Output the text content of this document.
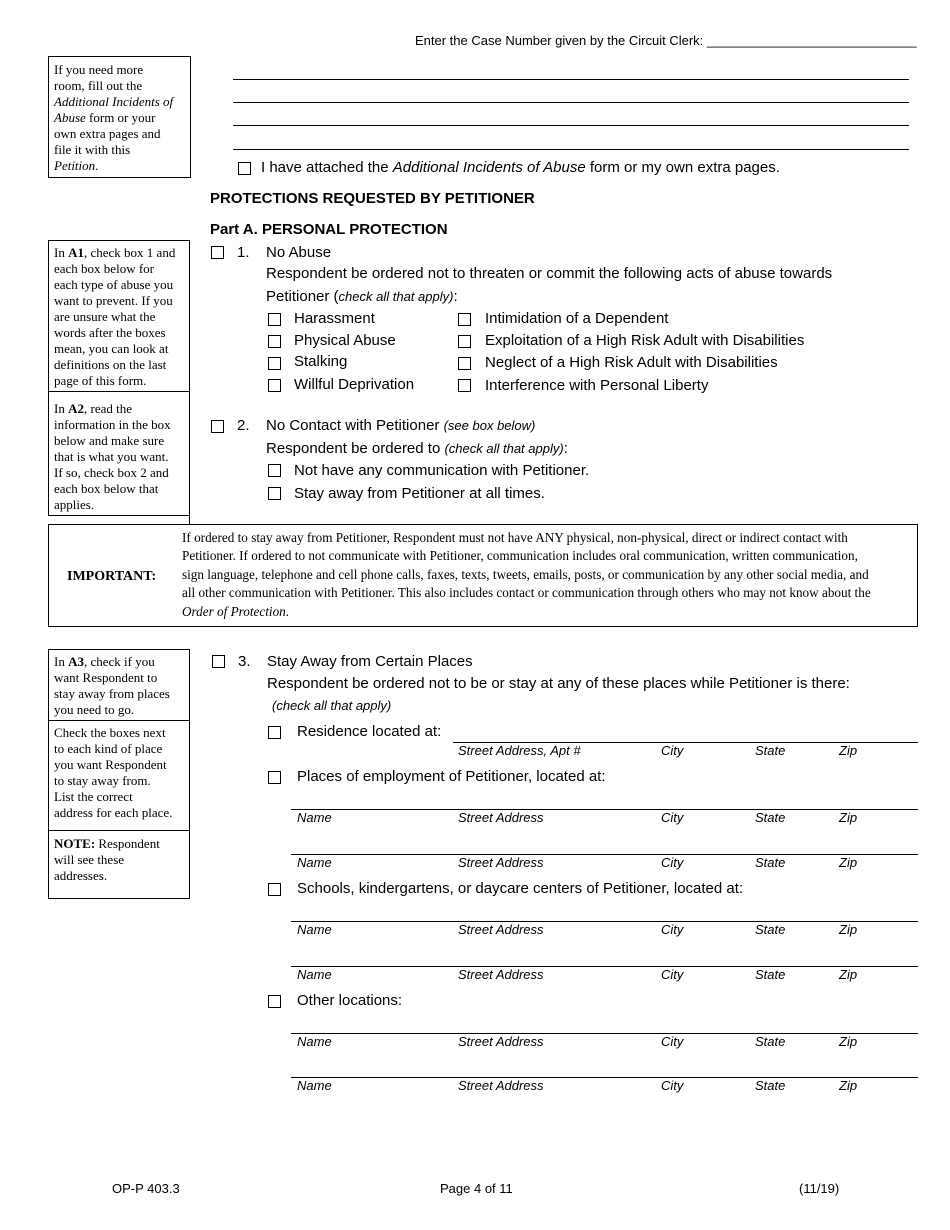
Enter the Case Number given by the Circuit Clerk: _____________________________
If you need more
room, fill out the
Additional Incidents of
Abuse form or your
own extra pages and
file it with this
Petition.	I have attached the Additional Incidents of Abuse form or my own extra pages.
PROTECTIONS REQUESTED BY PETITIONER
Part A. PERSONAL PROTECTION
In A1, check box 1 and
each box below for
each type of abuse you
want to prevent. If you
are unsure what the
words after the boxes
mean, you can look at
definitions on the last
page of this form.
In A2, read the
information in the box
below and make sure
that is what you want.
If so, check box 2 and
each box below that
applies.
1. No Abuse
Respondent be ordered not to threaten or commit the following acts of abuse towards
Petitioner (check all that apply):
Harassment
Physical Abuse
Stalking
Willful Deprivation
Intimidation of a Dependent
Exploitation of a High Risk Adult with Disabilities
Neglect of a High Risk Adult with Disabilities
Interference with Personal Liberty
2. No Contact with Petitioner (see box below)
Respondent be ordered to (check all that apply):
Not have any communication with Petitioner.
Stay away from Petitioner at all times.
IMPORTANT:
If ordered to stay away from Petitioner, Respondent must not have ANY physical, non-physical, direct or indirect contact with
Petitioner. If ordered to not communicate with Petitioner, communication includes oral communication, written communication,
sign language, telephone and cell phone calls, faxes, texts, tweets, emails, posts, or communication by any other social media, and
all other communication with Petitioner. This also includes contact or communication through others who may not know about the
Order of Protection.
In A3, check if you
want Respondent to
stay away from places
you need to go.
Check the boxes next
to each kind of place
you want Respondent
to stay away from.
List the correct
address for each place.
NOTE: Respondent
will see these
addresses.
3. Stay Away from Certain Places
Respondent be ordered not to be or stay at any of these places while Petitioner is there:
(check all that apply)
Residence located at:
Street Address, Apt #	City	State	Zip
Places of employment of Petitioner, located at:
Name	Street Address	City	State	Zip
Name	Street Address	City	State	Zip
Schools, kindergartens, or daycare centers of Petitioner, located at:
Name	Street Address	City	State	Zip
Name	Street Address	City	State	Zip
Other locations:
Name	Street Address	City	State	Zip
Name	Street Address	City	State	Zip
OP-P 403.3	Page 4 of 11	(11/19)
